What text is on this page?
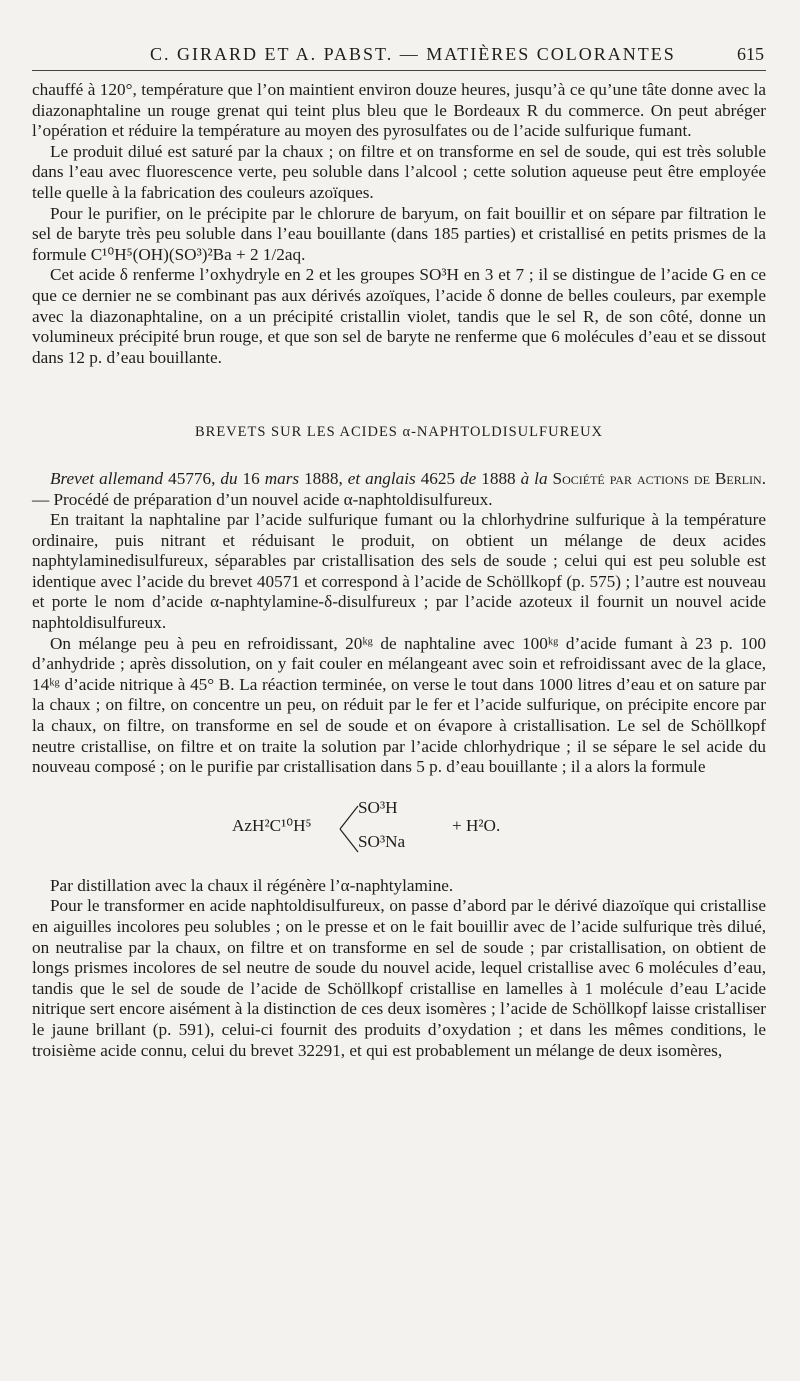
C. GIRARD ET A. PABST. — MATIÈRES COLORANTES	615

chauffé à 120°, température que l’on maintient environ douze heures, jusqu’à ce qu’une tâte donne avec la diazonaphtaline un rouge grenat qui teint plus bleu que le Bordeaux R du commerce. On peut abréger l’opération et réduire la température au moyen des pyrosulfates ou de l’acide sulfurique fumant.

Le produit dilué est saturé par la chaux ; on filtre et on transforme en sel de soude, qui est très soluble dans l’eau avec fluorescence verte, peu soluble dans l’alcool ; cette solution aqueuse peut être employée telle quelle à la fabrication des couleurs azoïques.

Pour le purifier, on le précipite par le chlorure de baryum, on fait bouillir et on sépare par filtration le sel de baryte très peu soluble dans l’eau bouillante (dans 185 parties) et cristallisé en petits prismes de la formule C¹⁰H⁵(OH)(SO³)²Ba + 2 1/2aq.

Cet acide δ renferme l’oxhydryle en 2 et les groupes SO³H en 3 et 7 ; il se distingue de l’acide G en ce que ce dernier ne se combinant pas aux dérivés azoïques, l’acide δ donne de belles couleurs, par exemple avec la diazonaphtaline, on a un précipité cristallin violet, tandis que le sel R, de son côté, donne un volumineux précipité brun rouge, et que son sel de baryte ne renferme que 6 molécules d’eau et se dissout dans 12 p. d’eau bouillante.

BREVETS SUR LES ACIDES α-NAPHTOLDISULFUREUX

Brevet allemand 45776, du 16 mars 1888, et anglais 4625 de 1888 à la Société par actions de Berlin. — Procédé de préparation d’un nouvel acide α-naphtoldisulfureux.

En traitant la naphtaline par l’acide sulfurique fumant ou la chlorhydrine sulfurique à la température ordinaire, puis nitrant et réduisant le produit, on obtient un mélange de deux acides naphtylaminedisulfureux, séparables par cristallisation des sels de soude ; celui qui est peu soluble est identique avec l’acide du brevet 40571 et correspond à l’acide de Schöllkopf (p. 575) ; l’autre est nouveau et porte le nom d’acide α-naphtylamine-δ-disulfureux ; par l’acide azoteux il fournit un nouvel acide naphtoldisulfureux.

On mélange peu à peu en refroidissant, 20ᵏᵍ de naphtaline avec 100ᵏᵍ d’acide fumant à 23 p. 100 d’anhydride ; après dissolution, on y fait couler en mélangeant avec soin et refroidissant avec de la glace, 14ᵏᵍ d’acide nitrique à 45° B. La réaction terminée, on verse le tout dans 1000 litres d’eau et on sature par la chaux ; on filtre, on concentre un peu, on réduit par le fer et l’acide sulfurique, on précipite encore par la chaux, on filtre, on transforme en sel de soude et on évapore à cristallisation. Le sel de Schöllkopf neutre cristallise, on filtre et on traite la solution par l’acide chlorhydrique ; il se sépare le sel acide du nouveau composé ; on le purifie par cristallisation dans 5 p. d’eau bouillante ; il a alors la formule

AzH²C¹⁰H⁵
SO³H
SO³Na
+ H²O.

Par distillation avec la chaux il régénère l’α-naphtylamine.

Pour le transformer en acide naphtoldisulfureux, on passe d’abord par le dérivé diazoïque qui cristallise en aiguilles incolores peu solubles ; on le presse et on le fait bouillir avec de l’acide sulfurique très dilué, on neutralise par la chaux, on filtre et on transforme en sel de soude ; par cristallisation, on obtient de longs prismes incolores de sel neutre de soude du nouvel acide, lequel cristallise avec 6 molécules d’eau, tandis que le sel de soude de l’acide de Schöllkopf cristallise en lamelles à 1 molécule d’eau L’acide nitrique sert encore aisément à la distinction de ces deux isomères ; l’acide de Schöllkopf laisse cristalliser le jaune brillant (p. 591), celui-ci fournit des produits d’oxydation ; et dans les mêmes conditions, le troisième acide connu, celui du brevet 32291, et qui est probablement un mélange de deux isomères,
